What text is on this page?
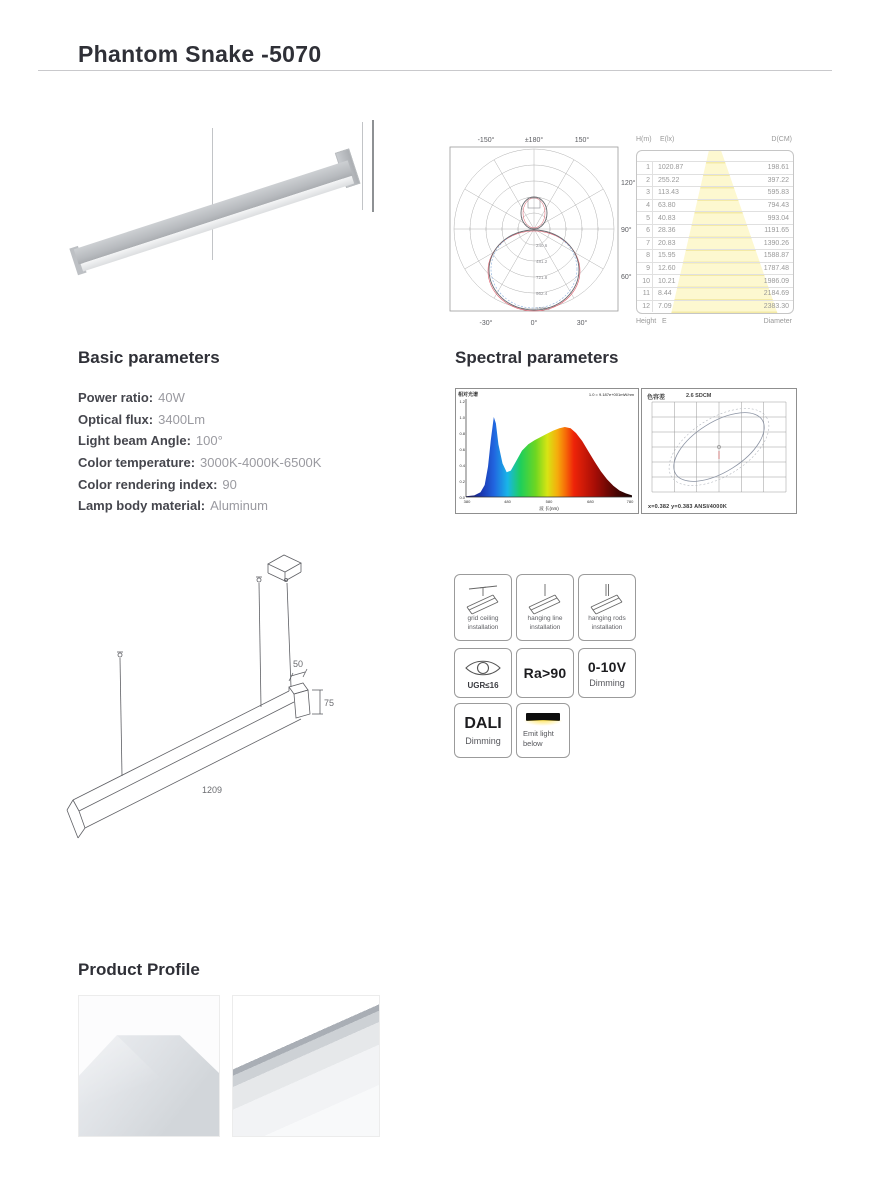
Phantom Snake -5070
-150°	±180°	150°
-30°	0°	30°
120°
90°
60°
240.6
481.2
721.8
962.4
1203.0
H(m) E(lx)	D(CM)
1	1020.87	198.61
2	255.22	397.22
3	113.43	595.83
4	63.80	794.43
5	40.83	993.04
6	28.36	1191.65
7	20.83	1390.26
8	15.95	1588.87
9	12.60	1787.48
10	10.21	1986.09
11	8.44	2184.69
12	7.09	2383.30
Height E	Diameter
Basic parameters
Power ratio: 40W
Optical flux: 3400Lm
Light beam Angle: 100°
Color temperature: 3000K-4000K-6500K
Color rendering index: 90
Lamp body material: Aluminum
Spectral parameters
1.2
1.0
0.8
0.6
0.4
0.2
0.0
380	480	580	680	780
相对光谱	1.0 = 9.187e+001mW/nm
波 长(nm)
色容差	2.6 SDCM
x=0.382 y=0.383 ANSI/4000K
50
75
1209
grid ceiling installation
hanging line installation
hanging rods installation
UGR≤16
Ra>90 0-10V
Dimming
DALI
Dimming
Emit light below
Product Profile
